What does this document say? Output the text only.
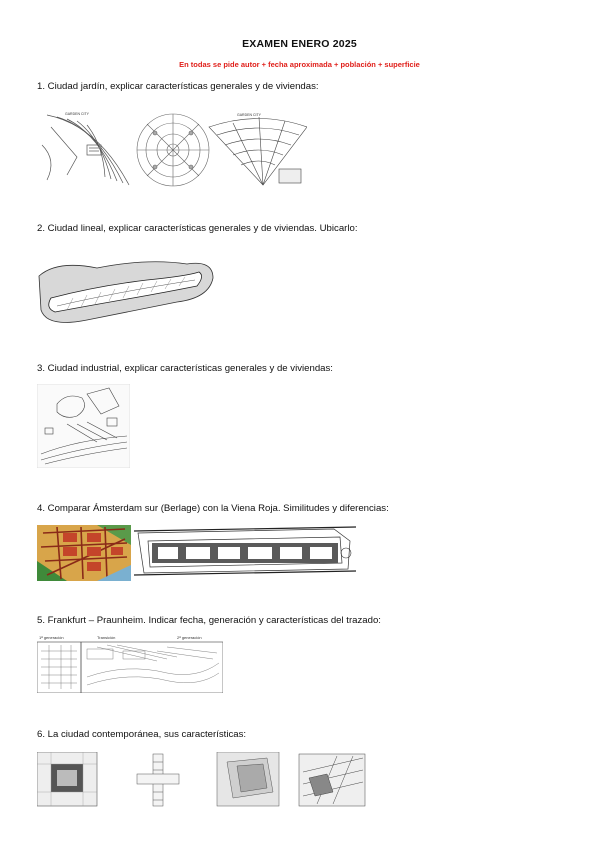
EXAMEN ENERO 2025
En todas se pide autor + fecha aproximada + población + superficie
1. Ciudad jardín, explicar características generales y de viviendas:
GARDEN CITY	GARDEN CITY
2. Ciudad lineal, explicar características generales y de viviendas. Ubicarlo:
3. Ciudad industrial, explicar características generales y de viviendas:
4. Comparar Ámsterdam sur (Berlage) con la Viena Roja. Similitudes y diferencias:
5. Frankfurt – Praunheim. Indicar fecha, generación y características del trazado:
1ª generación	Transición	2ª generación
6. La ciudad contemporánea, sus características:
